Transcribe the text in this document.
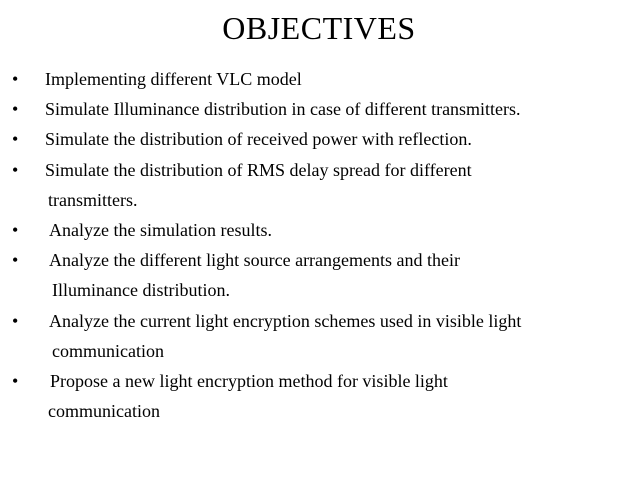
OBJECTIVES
•	Implementing different VLC model
•	Simulate Illuminance distribution in case of different transmitters.
•	Simulate the distribution of received power with reflection.
•	Simulate the distribution of RMS delay spread for different
transmitters.
•	Analyze the simulation results.
•	Analyze the different light source arrangements and their
Illuminance distribution.
•	Analyze the current light encryption schemes used in visible light
communication
•	Propose a new light encryption method for visible light
communication
